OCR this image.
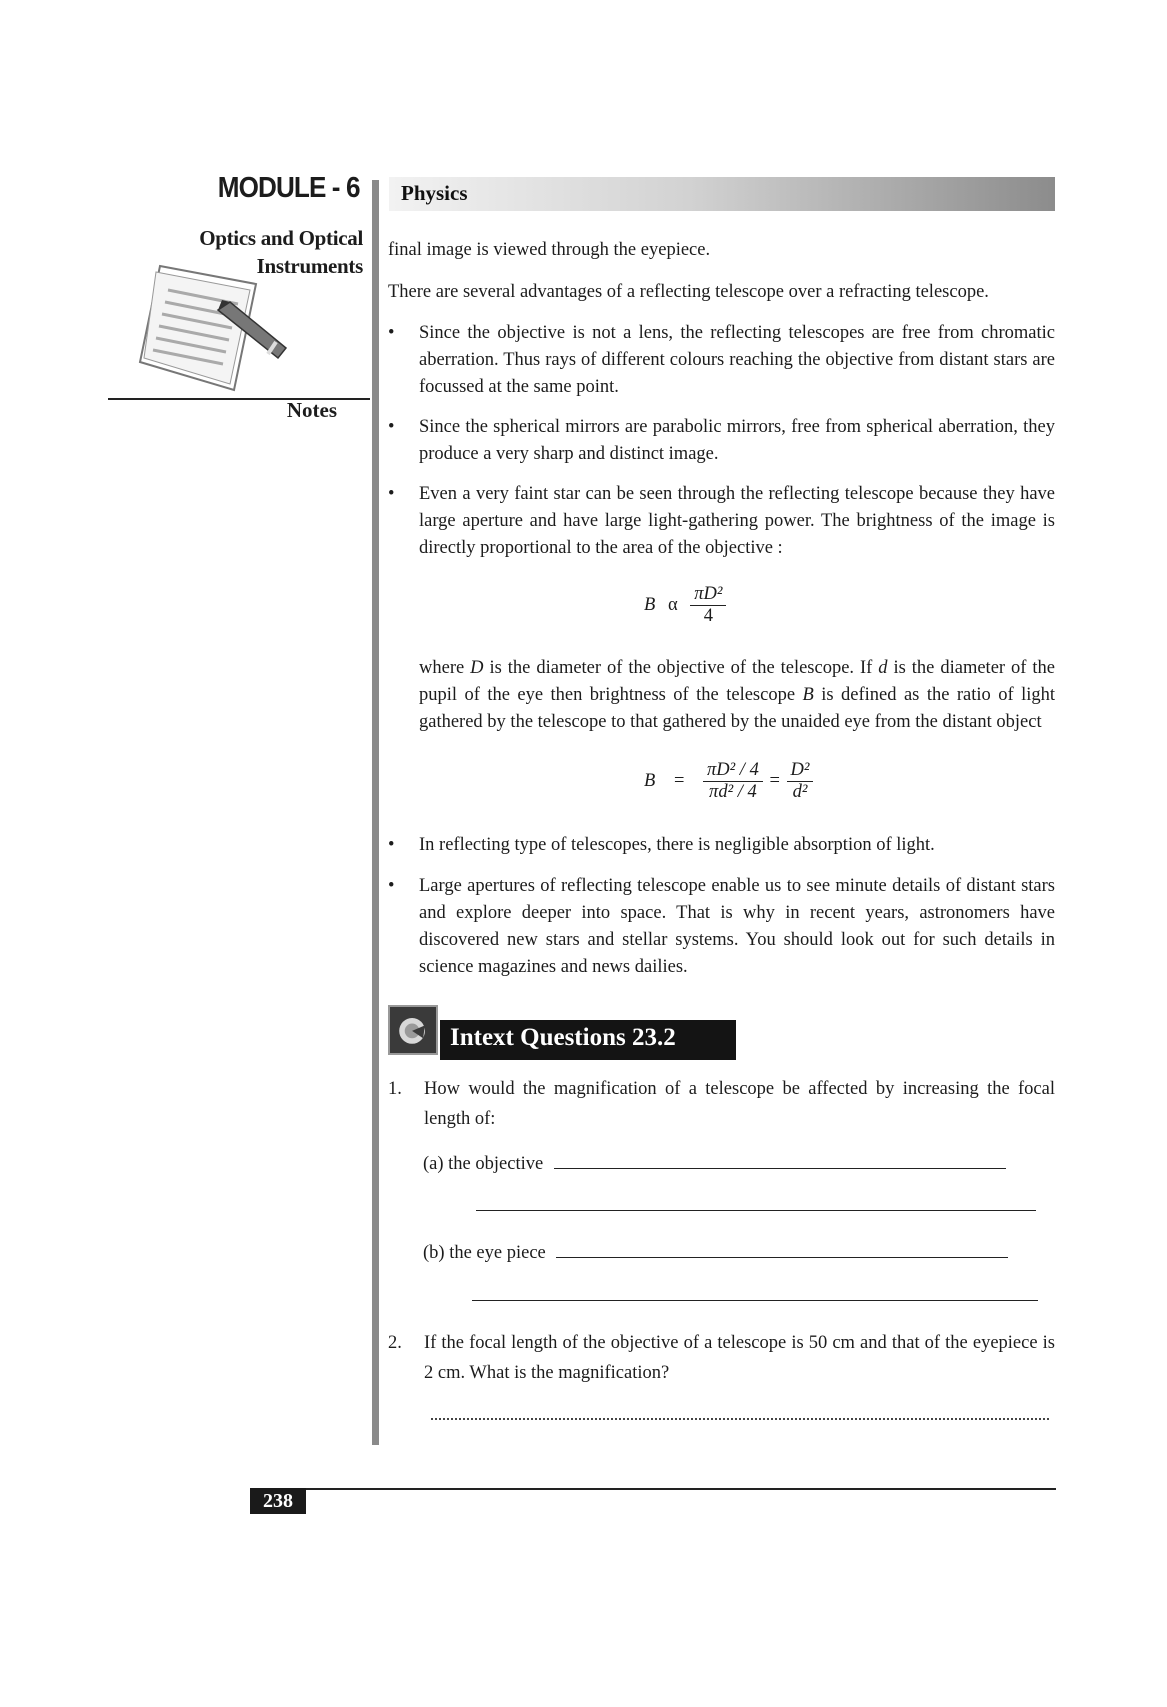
MODULE - 6
Optics and Optical
Instruments
Notes
Physics

final image is viewed through the eyepiece.

There are several advantages of a reflecting telescope over a refracting telescope.

• Since the objective is not a lens, the reflecting telescopes are free from chromatic aberration. Thus rays of different colours reaching the objective from distant stars are focussed at the same point.
• Since the spherical mirrors are parabolic mirrors, free from spherical aberration, they produce a very sharp and distinct image.
• Even a very faint star can be seen through the reflecting telescope because they have large aperture and have large light-gathering power. The brightness of the image is directly proportional to the area of the objective :
B α $\frac{\text{πD²}}{4}$

where D is the diameter of the objective of the telescope. If d is the diameter of the pupil of the eye then brightness of the telescope B is defined as the ratio of light gathered by the telescope to that gathered by the unaided eye from the distant object

$B = \frac{\text{πD² / 4}}{\text{πd² / 4}} = \frac{\text{D²}}{\text{d²}}$
• In reflecting type of telescopes, there is negligible absorption of light.
• Large apertures of reflecting telescope enable us to see minute details of distant stars and explore deeper into space. That is why in recent years, astronomers have discovered new stars and stellar systems. You should look out for such details in science magazines and news dailies.
Intext Questions 23.2
1. How would the magnification of a telescope be affected by increasing the focal length of:
(a) the objective
(b) the eye piece
2. If the focal length of the objective of a telescope is 50 cm and that of the eyepiece is 2 cm. What is the magnification?
238
